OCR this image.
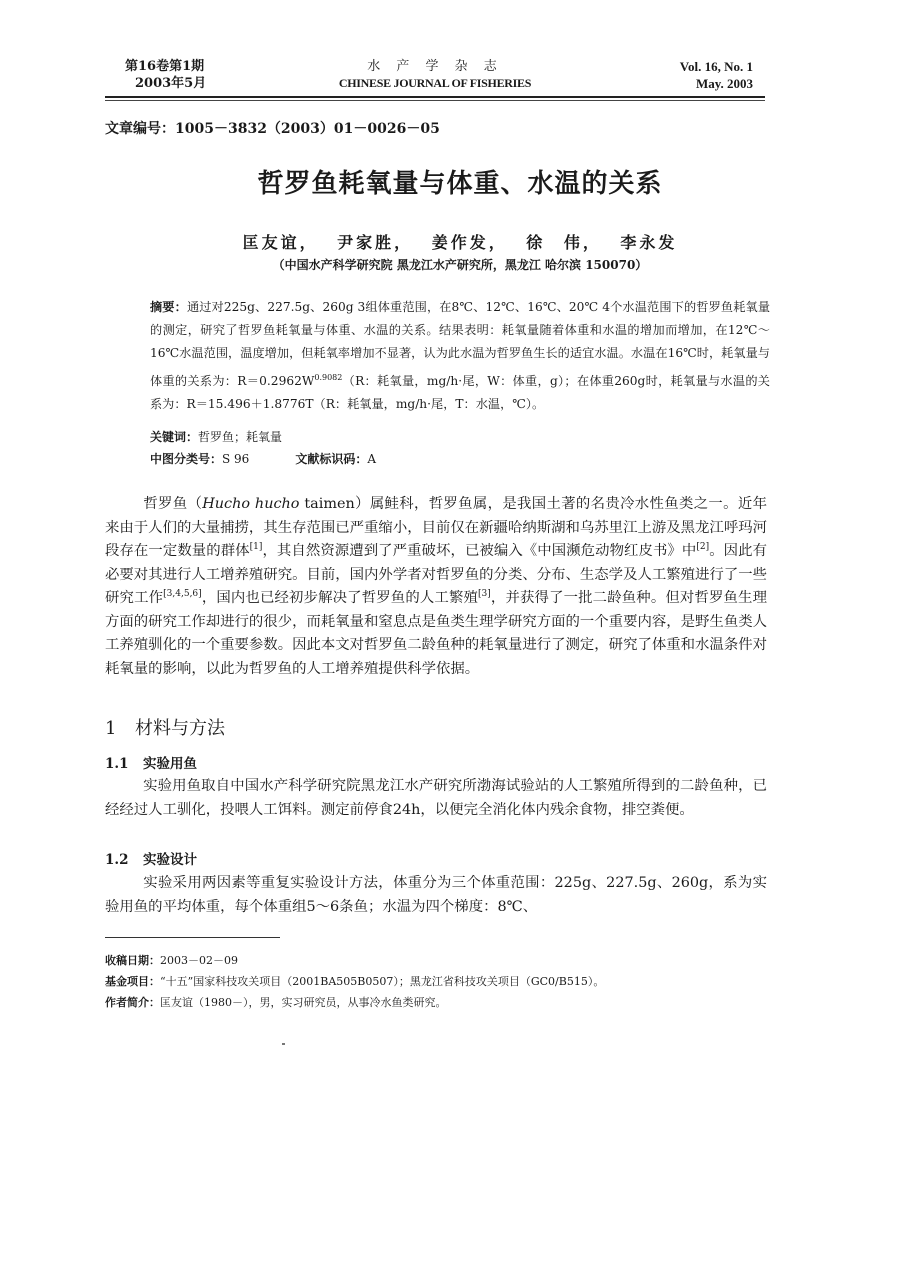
第16卷第1期
2003年5月
水 产 学 杂 志
CHINESE JOURNAL OF FISHERIES
Vol. 16, No. 1
May. 2003
文章编号：1005－3832（2003）01－0026－05
哲罗鱼耗氧量与体重、水温的关系
匡友谊， 尹家胜， 姜作发， 徐 伟， 李永发
（中国水产科学研究院 黑龙江水产研究所，黑龙江 哈尔滨 150070）
摘要：通过对225g、227.5g、260g 3组体重范围，在8℃、12℃、16℃、20℃ 4个水温范围下的哲罗鱼耗氧量的测定，研究了哲罗鱼耗氧量与体重、水温的关系。结果表明：耗氧量随着体重和水温的增加而增加，在12℃～16℃水温范围，温度增加，但耗氧率增加不显著，认为此水温为哲罗鱼生长的适宜水温。水温在16℃时，耗氧量与体重的关系为：$R=0.2962W^{0.9082}(R$：耗氧量，mg/h·尾，W：体重，g）；在体重260g时，耗氧量与水温的关系为：R＝15.496＋1.8776T（R：耗氧量，mg/h·尾，T：水温，℃）。
关键词：哲罗鱼；耗氧量
中图分类号：S 96	文献标识码：A
哲罗鱼（Hucho hucho taimen）属鲑科，哲罗鱼属，是我国土著的名贵冷水性鱼类之一。近年来由于人们的大量捕捞，其生存范围已严重缩小，目前仅在新疆哈纳斯湖和乌苏里江上游及黑龙江呼玛河段存在一定数量的群体[1]，其自然资源遭到了严重破坏，已被编入《中国濒危动物红皮书》中[2]。因此有必要对其进行人工增养殖研究。目前，国内外学者对哲罗鱼的分类、分布、生态学及人工繁殖进行了一些研究工作[3,4,5,6]，国内也已经初步解决了哲罗鱼的人工繁殖[3]，并获得了一批二龄鱼种。但对哲罗鱼生理方面的研究工作却进行的很少，而耗氧量和窒息点是鱼类生理学研究方面的一个重要内容，是野生鱼类人工养殖驯化的一个重要参数。因此本文对哲罗鱼二龄鱼种的耗氧量进行了测定，研究了体重和水温条件对耗氧量的影响，以此为哲罗鱼的人工增养殖提供科学依据。
1 材料与方法
1.1 实验用鱼
实验用鱼取自中国水产科学研究院黑龙江水产研究所渤海试验站的人工繁殖所得到的二龄鱼种，已经经过人工驯化，投喂人工饵料。测定前停食24h，以便完全消化体内残余食物，排空粪便。
1.2 实验设计
实验采用两因素等重复实验设计方法，体重分为三个体重范围：225g、227.5g、260g，系为实验用鱼的平均体重，每个体重组5～6条鱼；水温为四个梯度：8℃、
收稿日期：2003－02－09
基金项目：“十五”国家科技攻关项目（2001BA505B0507）；黑龙江省科技攻关项目（GC0/B515）。
作者简介：匡友谊（1980－），男，实习研究员，从事冷水鱼类研究。
